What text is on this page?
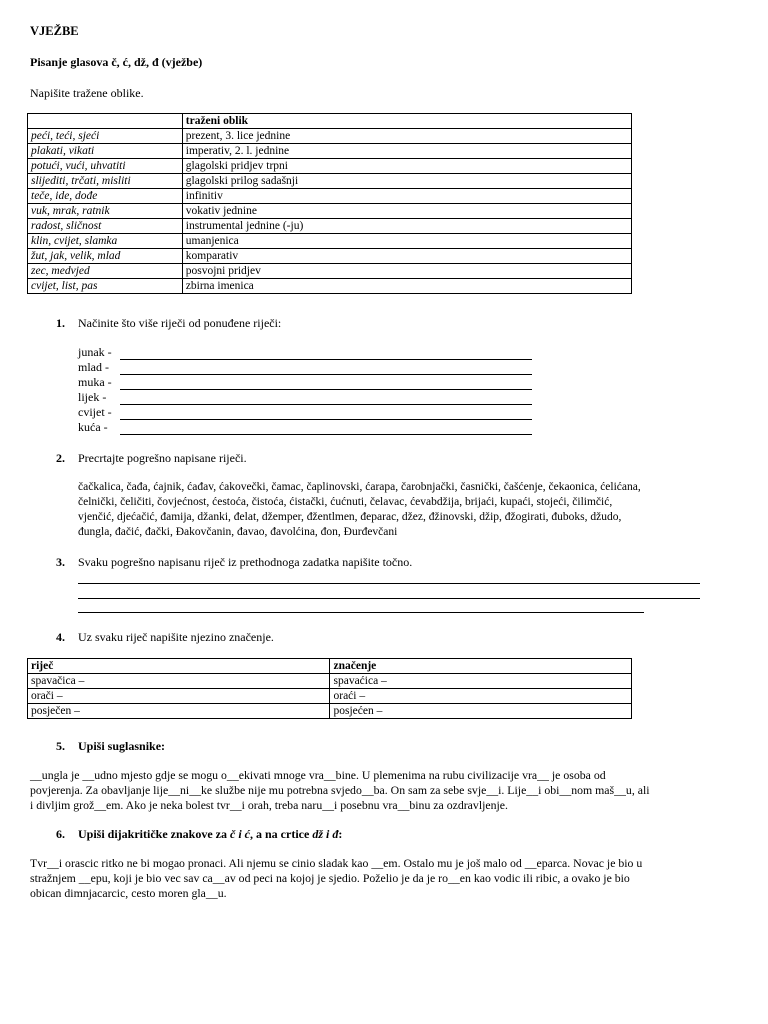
VJEŽBE
Pisanje glasova č, ć, dž, đ (vježbe)
Napišite tražene oblike.
	traženi oblik
peći, teći, sjeći	prezent, 3. lice jednine
plakati, vikati	imperativ, 2. l. jednine
potući, vući, uhvatiti	glagolski pridjev trpni
slijediti, trčati, misliti	glagolski prilog sadašnji
teče, ide, dođe	infinitiv
vuk, mrak, ratnik	vokativ jednine
radost, sličnost	instrumental jednine (-ju)
klin, cvijet, slamka	umanjenica
žut, jak, velik, mlad	komparativ
zec, medvjed	posvojni pridjev
cvijet, list, pas	zbirna imenica
1. Načinite što više riječi od ponuđene riječi:
junak -
mlad -
muka -
lijek -
cvijet -
kuća -
2. Precrtajte pogrešno napisane riječi.
čačkalica, čađa, ćajnik, ćađav, ćakovečki, čamac, čaplinovski, ćarapa, čarobnjački, časnički, čašćenje, čekaonica, ćelićana,
čelnički, čeličiti, čovjećnost, ćestoća, čistoća, ćistački, ćućnuti, čelavac, ćevabdžija, brijaći, kupaći, stojeći, čilimčić,
vjenčić, djećačić, đamija, džanki, đelat, džemper, đžentlmen, đeparac, džez, đžinovski, džip, đžogirati, đuboks, džudo,
đungla, đačić, đački, Đakovčanin, đavao, đavolćina, đon, Đurđevčani
3. Svaku pogrešno napisanu riječ iz prethodnoga zadatka napišite točno.
4. Uz svaku riječ napišite njezino značenje.
riječ	značenje
spavačica –	spavaćica –
orači –	oraći –
posječen –	posjećen –
5. Upiši suglasnike:
__ungla je __udno mjesto gdje se mogu o__ekivati mnoge vra__bine. U plemenima na rubu civilizacije vra__ je osoba od
povjerenja. Za obavljanje lije__ni__ke službe nije mu potrebna svjedo__ba. On sam za sebe svje__i. Lije__i obi__nom maš__u, ali
i divljim grož__em. Ako je neka bolest tvr__i orah, treba naru__i posebnu vra__binu za ozdravljenje.
6. Upiši dijakritičke znakove za č i ć, a na crtice dž i đ:
Tvr__i orascic ritko ne bi mogao pronaci. Ali njemu se cinio sladak kao __em. Ostalo mu je još malo od __eparca. Novac je bio u
stražnjem __epu, koji je bio vec sav ca__av od peci na kojoj je sjedio. Poželio je da je ro__en kao vodic ili ribic, a ovako je bio
obican dimnjacarcic, cesto moren gla__u.
